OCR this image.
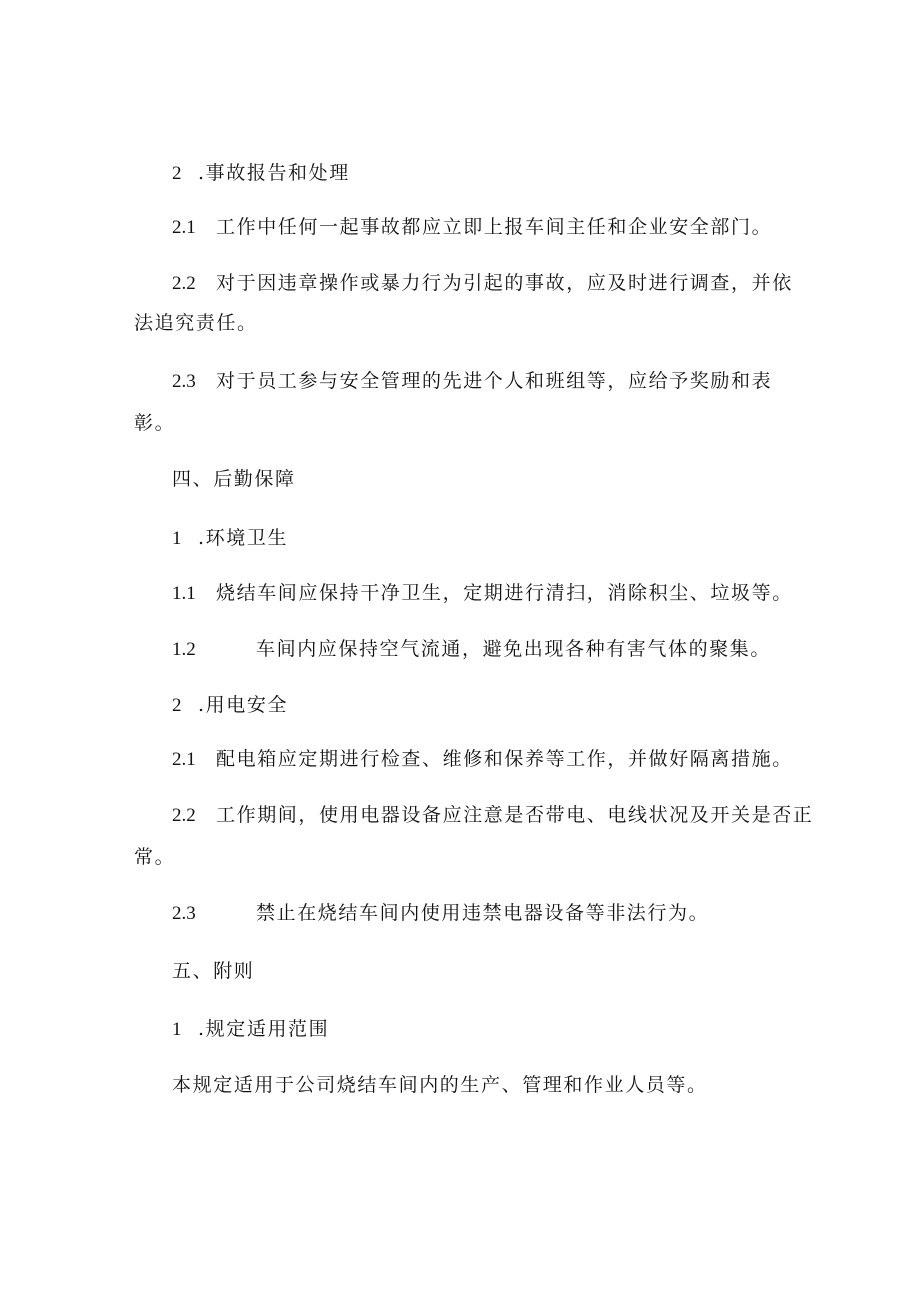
2 .事故报告和处理
2.1 工作中任何一起事故都应立即上报车间主任和企业安全部门。
2.2 对于因违章操作或暴力行为引起的事故，应及时进行调查，并依
法追究责任。
2.3 对于员工参与安全管理的先进个人和班组等，应给予奖励和表
彰。
四、后勤保障
1 .环境卫生
1.1 烧结车间应保持干净卫生，定期进行清扫，消除积尘、垃圾等。
1.2	车间内应保持空气流通，避免出现各种有害气体的聚集。
2 .用电安全
2.1 配电箱应定期进行检查、维修和保养等工作，并做好隔离措施。
2.2 工作期间，使用电器设备应注意是否带电、电线状况及开关是否正
常。
2.3	禁止在烧结车间内使用违禁电器设备等非法行为。
五、附则
1 .规定适用范围
本规定适用于公司烧结车间内的生产、管理和作业人员等。
